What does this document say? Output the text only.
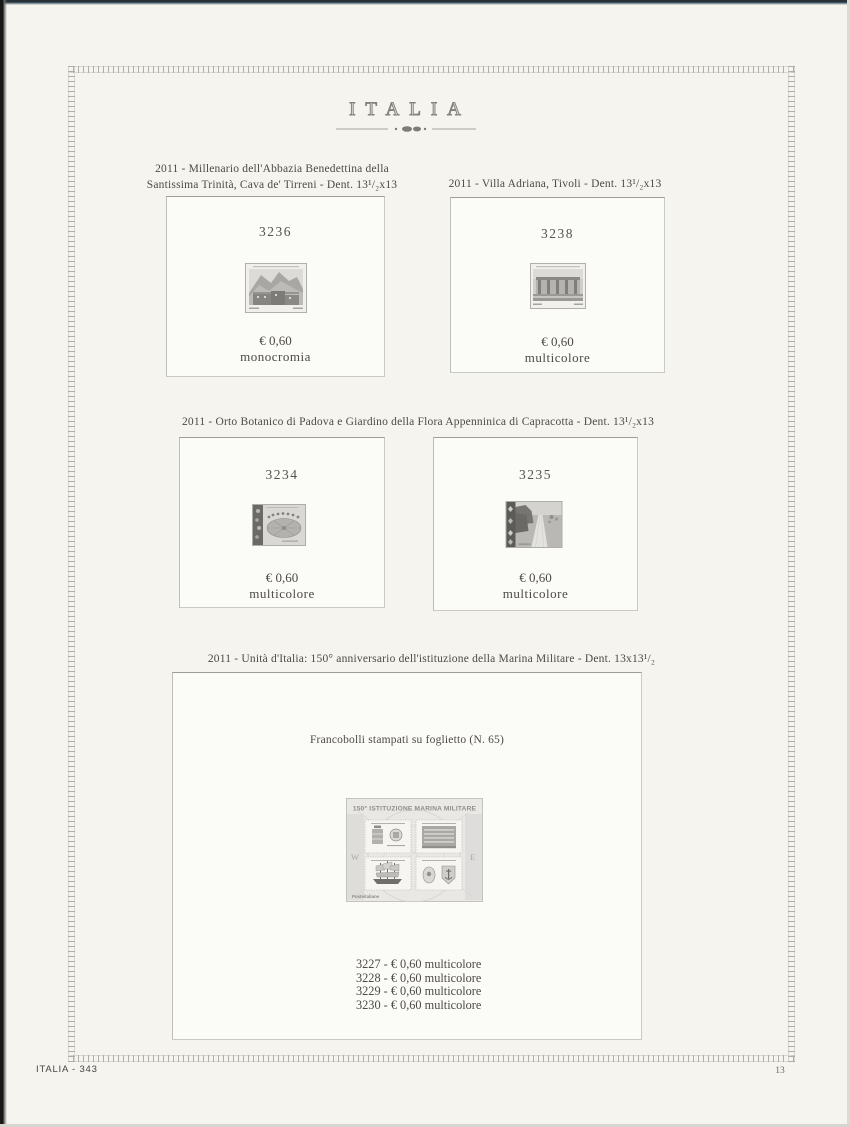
ITALIA
2011 - Millenario dell'Abbazia Benedettina della
Santissima Trinità, Cava de' Tirreni - Dent. 13¹/₂x13
3236
€ 0,60
monocromia
2011 - Villa Adriana, Tivoli - Dent. 13¹/₂x13
3238
€ 0,60
multicolore
2011 - Orto Botanico di Padova e Giardino della Flora Appenninica di Capracotta - Dent. 13¹/₂x13
3234
€ 0,60
multicolore
3235
€ 0,60
multicolore
2011 - Unità d'Italia: 150° anniversario dell'istituzione della Marina Militare - Dent. 13x13¹/₂
Francobolli stampati su foglietto (N. 65)
150° ISTITUZIONE MARINA MILITARE
W	E
Posteitaliane
3227 - € 0,60 multicolore
3228 - € 0,60 multicolore
3229 - € 0,60 multicolore
3230 - € 0,60 multicolore
ITALIA - 343	13
